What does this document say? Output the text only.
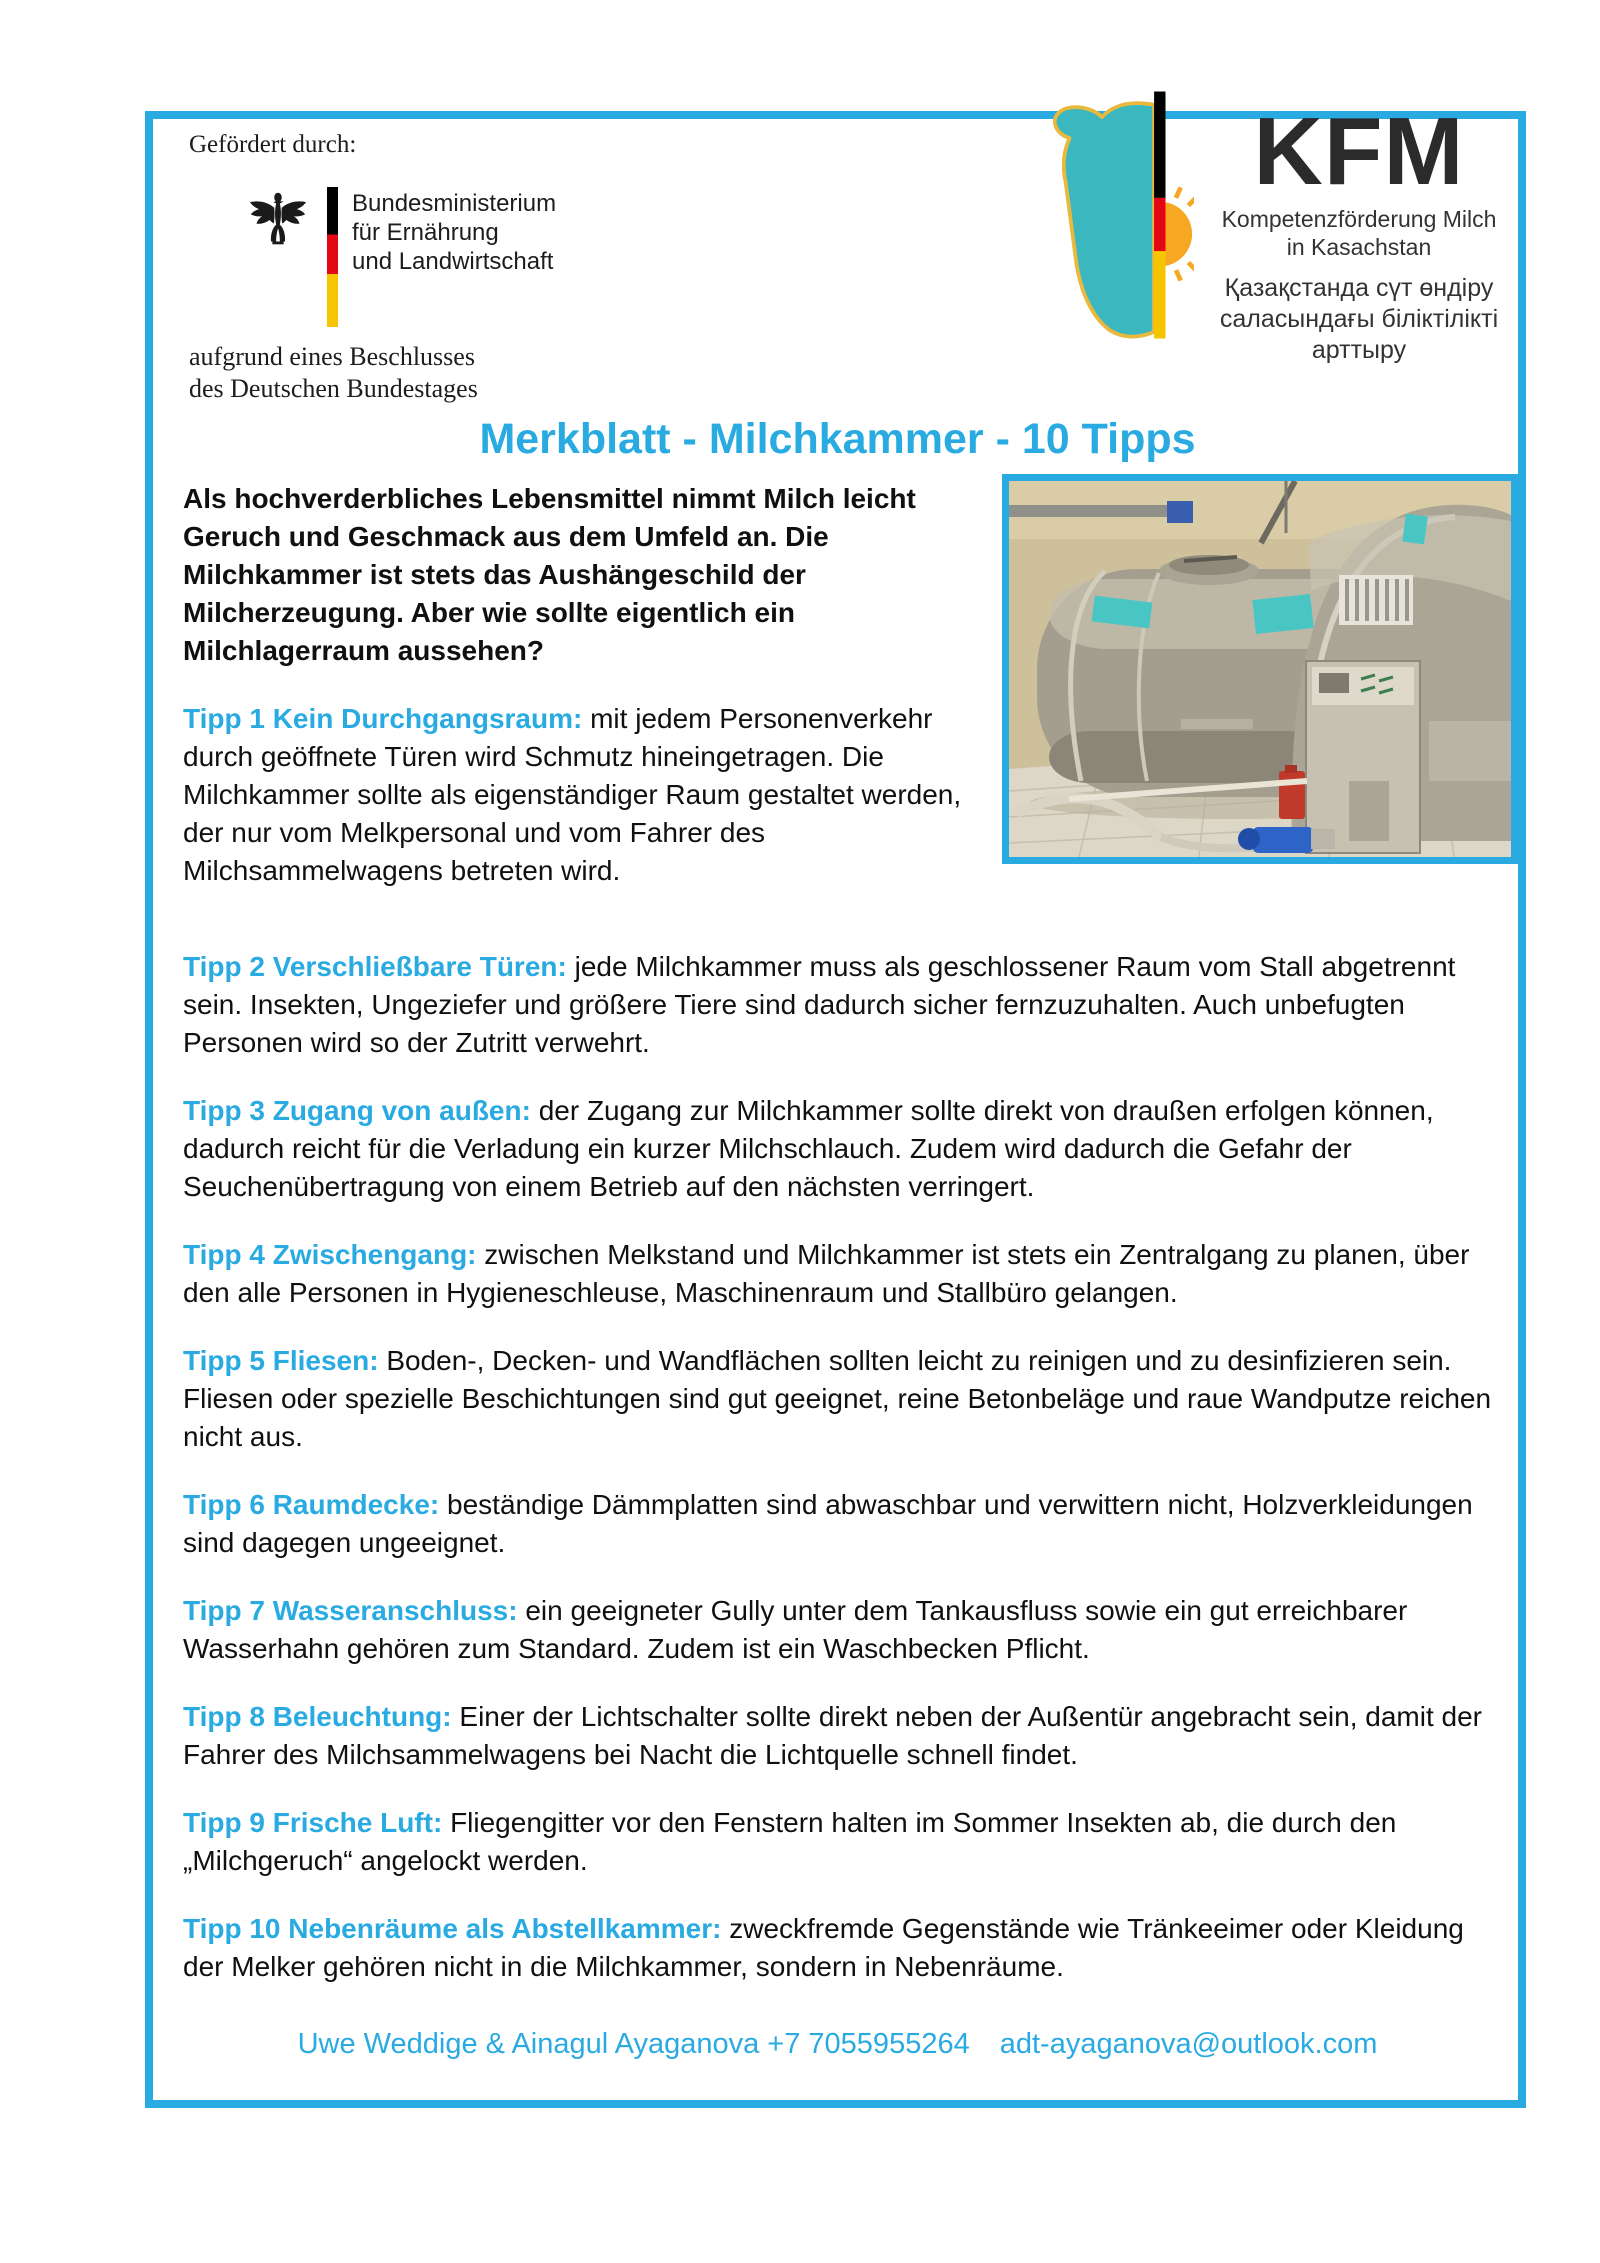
Gefördert durch:
Bundesministerium
für Ernährung
und Landwirtschaft
aufgrund eines Beschlusses
des Deutschen Bundestages
KFM
Kompetenzförderung Milch
in Kasachstan
Қазақстанда сүт өндіру
саласындағы біліктілікті арттыру
Merkblatt - Milchkammer - 10 Tipps
Als hochverderbliches Lebensmittel nimmt Milch leicht Geruch und Geschmack aus dem Umfeld an. Die Milchkammer ist stets das Aushängeschild der Milcherzeugung. Aber wie sollte eigentlich ein Milchlagerraum aussehen?

Tipp 1 Kein Durchgangsraum: mit jedem Personenverkehr durch geöffnete Türen wird Schmutz hineingetragen. Die Milchkammer sollte als eigenständiger Raum gestaltet werden, der nur vom Melkpersonal und vom Fahrer des Milchsammelwagens betreten wird.

Tipp 2 Verschließbare Türen: jede Milchkammer muss als geschlossener Raum vom Stall abgetrennt sein. Insekten, Ungeziefer und größere Tiere sind dadurch sicher fernzuzuhalten. Auch unbefugten Personen wird so der Zutritt verwehrt.

Tipp 3 Zugang von außen: der Zugang zur Milchkammer sollte direkt von draußen erfolgen können, dadurch reicht für die Verladung ein kurzer Milchschlauch. Zudem wird dadurch die Gefahr der Seuchenübertragung von einem Betrieb auf den nächsten verringert.

Tipp 4 Zwischengang: zwischen Melkstand und Milchkammer ist stets ein Zentralgang zu planen, über den alle Personen in Hygieneschleuse, Maschinenraum und Stallbüro gelangen.

Tipp 5 Fliesen: Boden-, Decken- und Wandflächen sollten leicht zu reinigen und zu desinfizieren sein. Fliesen oder spezielle Beschichtungen sind gut geeignet, reine Betonbeläge und raue Wandputze reichen nicht aus.

Tipp 6 Raumdecke: beständige Dämmplatten sind abwaschbar und verwittern nicht, Holzverkleidungen sind dagegen ungeeignet.

Tipp 7 Wasseranschluss: ein geeigneter Gully unter dem Tankausfluss sowie ein gut erreichbarer Wasserhahn gehören zum Standard. Zudem ist ein Waschbecken Pflicht.

Tipp 8 Beleuchtung: Einer der Lichtschalter sollte direkt neben der Außentür angebracht sein, damit der Fahrer des Milchsammelwagens bei Nacht die Lichtquelle schnell findet.

Tipp 9 Frische Luft: Fliegengitter vor den Fenstern halten im Sommer Insekten ab, die durch den „Milchgeruch“ angelockt werden.

Tipp 10 Nebenräume als Abstellkammer: zweckfremde Gegenstände wie Tränkeeimer oder Kleidung der Melker gehören nicht in die Milchkammer, sondern in Nebenräume.

Uwe Weddige & Ainagul Ayaganova +7 7055955264 adt-ayaganova@outlook.com
